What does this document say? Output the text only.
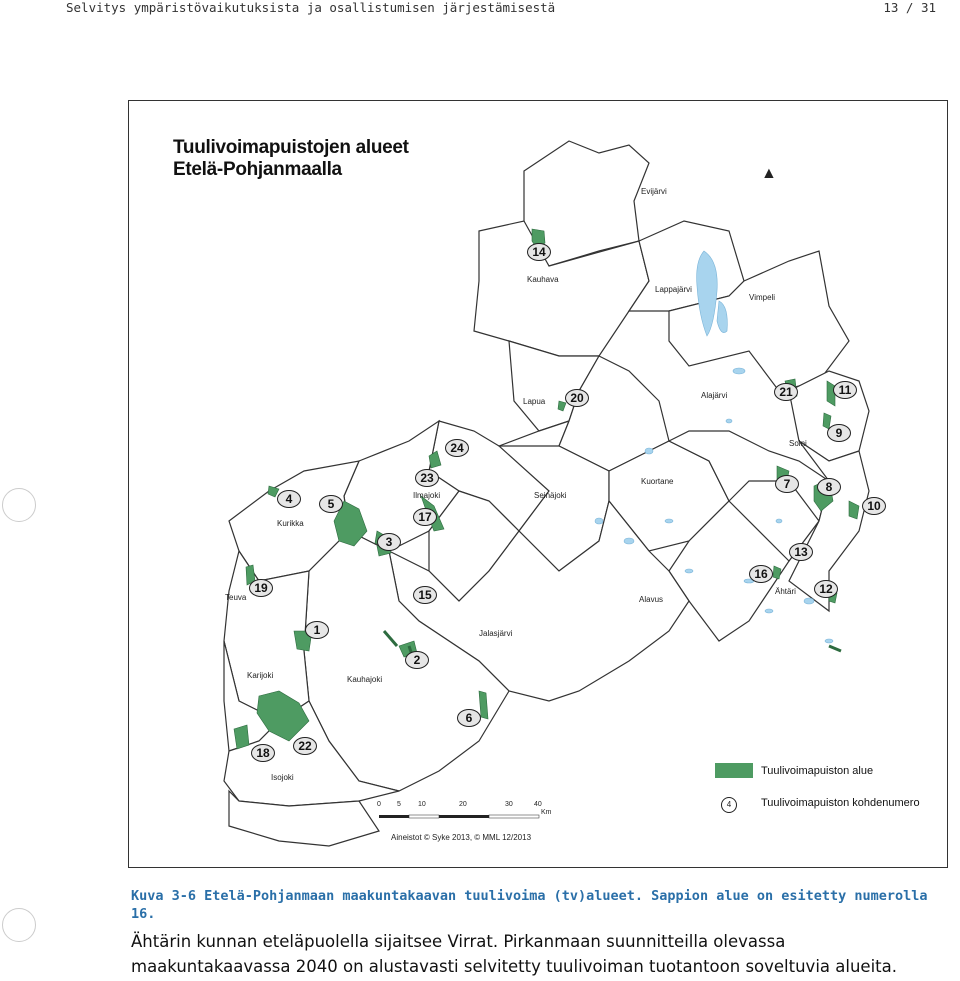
Selvitys ympäristövaikutuksista ja osallistumisen järjestämisestä	13 / 31
Tuulivoimapuistojen alueet
Etelä-Pohjanmaalla	▲
Evijärvi
Kauhava
Lappajärvi
Vimpeli
Lapua
Alajärvi
Soini
Seinäjoki
Kuortane
Ilmajoki
Kurikka
Teuva
Jalasjärvi
Alavus
Ähtäri
Karijoki	Kauhajoki
Isojoki
1
2
3
4	5
6
7	8
9
10
11
12
13
14
15
16
17
18
19
20	21
22
23
24
Tuulivoimapuiston alue
4	Tuulivoimapuiston kohdenumero
0 5 10	20	30	40
Km
Aineistot © Syke 2013, © MML 12/2013
Kuva 3-6 Etelä-Pohjanmaan maakuntakaavan tuulivoima (tv)alueet. Sappion alue on esitetty numerolla 16.
Ähtärin kunnan eteläpuolella sijaitsee Virrat. Pirkanmaan suunnitteilla olevassa
maakuntakaavassa 2040 on alustavasti selvitetty tuulivoiman tuotantoon soveltuvia alueita.
